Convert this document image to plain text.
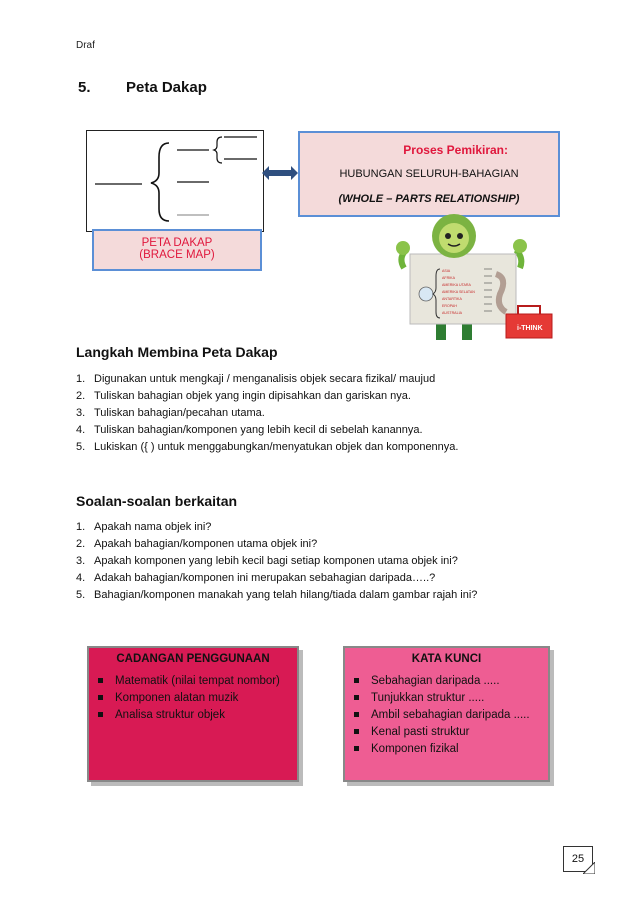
Draf
5. Peta Dakap
Proses Pemikiran:
HUBUNGAN SELURUH-BAHAGIAN
(WHOLE – PARTS RELATIONSHIP)
PETA DAKAP
(BRACE MAP)
ASIA
AFRIKA
AMERIKA UTARA
AMERIKA SELATAN
ANTARTIKA
EROPAH
AUSTRALIA
i-THINK
Langkah Membina Peta Dakap
1. Digunakan untuk mengkaji / menganalisis objek secara fizikal/ maujud
2. Tuliskan bahagian objek yang ingin dipisahkan dan gariskan nya.
3. Tuliskan bahagian/pecahan utama.
4. Tuliskan bahagian/komponen yang lebih kecil di sebelah kanannya.
5. Lukiskan ({ ) untuk menggabungkan/menyatukan objek dan komponennya.
Soalan-soalan berkaitan
1. Apakah nama objek ini?
2. Apakah bahagian/komponen utama objek ini?
3. Apakah komponen yang lebih kecil bagi setiap komponen utama objek ini?
4. Adakah bahagian/komponen ini merupakan sebahagian daripada…..?
5. Bahagian/komponen manakah yang telah hilang/tiada dalam gambar rajah ini?
CADANGAN PENGGUNAAN
Matematik (nilai tempat nombor)
Komponen alatan muzik
Analisa struktur objek
KATA KUNCI
Sebahagian daripada .....
Tunjukkan struktur .....
Ambil sebahagian daripada .....
Kenal pasti struktur
Komponen fizikal
25
